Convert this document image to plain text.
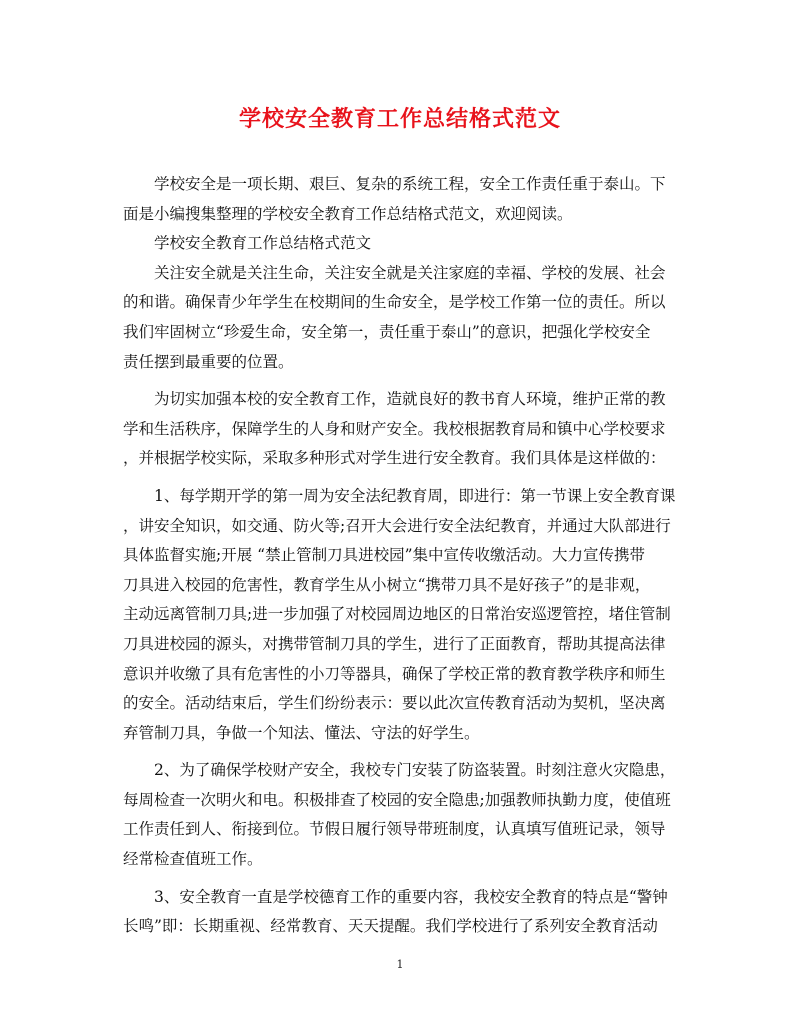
学校安全教育工作总结格式范文
学校安全是一项长期、艰巨、复杂的系统工程，安全工作责任重于泰山。下
面是小编搜集整理的学校安全教育工作总结格式范文，欢迎阅读。
学校安全教育工作总结格式范文
关注安全就是关注生命，关注安全就是关注家庭的幸福、学校的发展、社会
的和谐。确保青少年学生在校期间的生命安全，是学校工作第一位的责任。所以
我们牢固树立“珍爱生命，安全第一，责任重于泰山”的意识，把强化学校安全
责任摆到最重要的位置。
为切实加强本校的安全教育工作，造就良好的教书育人环境，维护正常的教
学和生活秩序，保障学生的人身和财产安全。我校根据教育局和镇中心学校要求
，并根据学校实际，采取多种形式对学生进行安全教育。我们具体是这样做的：
1、每学期开学的第一周为安全法纪教育周，即进行：第一节课上安全教育课
，讲安全知识，如交通、防火等;召开大会进行安全法纪教育，并通过大队部进行
具体监督实施;开展 “禁止管制刀具进校园”集中宣传收缴活动。大力宣传携带
刀具进入校园的危害性，教育学生从小树立“携带刀具不是好孩子”的是非观，
主动远离管制刀具;进一步加强了对校园周边地区的日常治安巡逻管控，堵住管制
刀具进校园的源头，对携带管制刀具的学生，进行了正面教育，帮助其提高法律
意识并收缴了具有危害性的小刀等器具，确保了学校正常的教育教学秩序和师生
的安全。活动结束后，学生们纷纷表示：要以此次宣传教育活动为契机，坚决离
弃管制刀具，争做一个知法、懂法、守法的好学生。
2、为了确保学校财产安全，我校专门安装了防盗装置。时刻注意火灾隐患，
每周检查一次明火和电。积极排查了校园的安全隐患;加强教师执勤力度，使值班
工作责任到人、衔接到位。节假日履行领导带班制度，认真填写值班记录，领导
经常检查值班工作。
3、安全教育一直是学校德育工作的重要内容，我校安全教育的特点是“警钟
长鸣”即：长期重视、经常教育、天天提醒。我们学校进行了系列安全教育活动
1
